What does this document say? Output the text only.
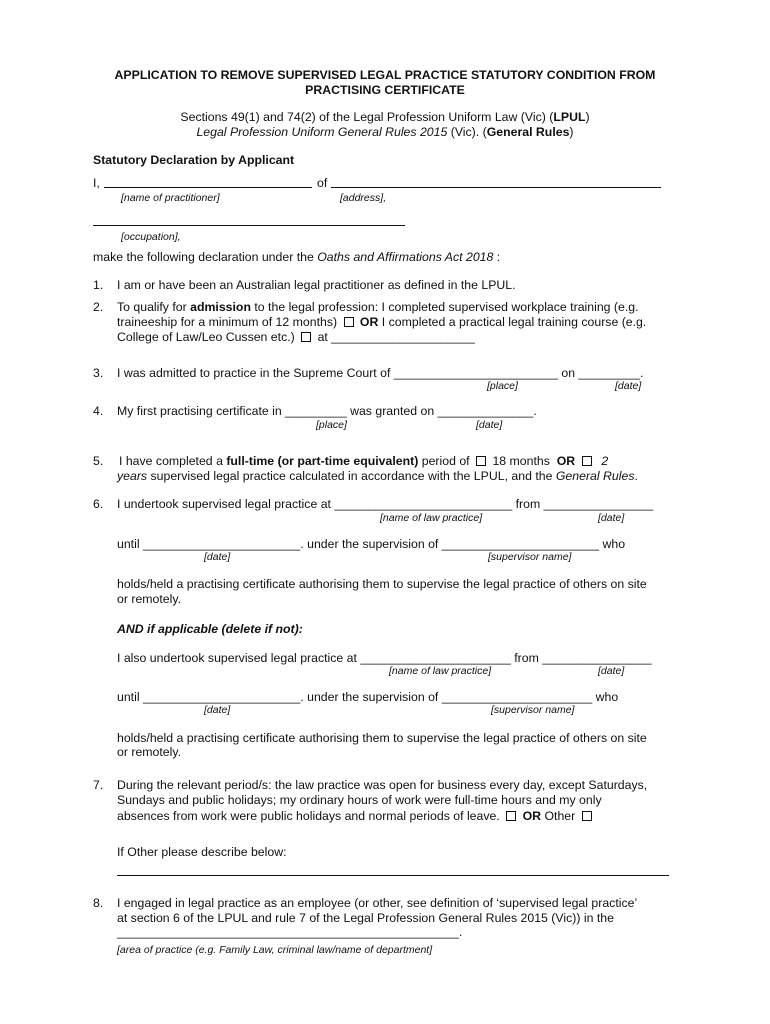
APPLICATION TO REMOVE SUPERVISED LEGAL PRACTICE STATUTORY CONDITION FROM
PRACTISING CERTIFICATE
Sections 49(1) and 74(2) of the Legal Profession Uniform Law (Vic) (LPUL)
Legal Profession Uniform General Rules 2015 (Vic). (General Rules)
Statutory Declaration by Applicant
I,	of
[name of practitioner]	[address],
[occupation],
make the following declaration under the Oaths and Affirmations Act 2018 :
1. I am or have been an Australian legal practitioner as defined in the LPUL.
2. To qualify for admission to the legal profession: I completed supervised workplace training (e.g.
traineeship for a minimum of 12 months) OR I completed a practical legal training course (e.g.
College of Law/Leo Cussen etc.) at _____________________
3. I was admitted to practice in the Supreme Court of ________________________ on _________.
[place]	[date]
4. My first practising certificate in _________ was granted on ______________.
[place]	[date]
5. I have completed a full-time (or part-time equivalent) period of 18 months OR 2
years supervised legal practice calculated in accordance with the LPUL, and the General Rules.
6. I undertook supervised legal practice at __________________________ from ________________
[name of law practice]	[date]
until _______________________. under the supervision of _______________________ who
[date]	[supervisor name]
holds/held a practising certificate authorising them to supervise the legal practice of others on site
or remotely.
AND if applicable (delete if not):
I also undertook supervised legal practice at ______________________ from ________________
[name of law practice]	[date]
until _______________________. under the supervision of ______________________ who
[date]	[supervisor name]
holds/held a practising certificate authorising them to supervise the legal practice of others on site
or remotely.
7. During the relevant period/s: the law practice was open for business every day, except Saturdays,
Sundays and public holidays; my ordinary hours of work were full-time hours and my only
absences from work were public holidays and normal periods of leave. OR Other
If Other please describe below:
8. I engaged in legal practice as an employee (or other, see definition of ‘supervised legal practice’
at section 6 of the LPUL and rule 7 of the Legal Profession General Rules 2015 (Vic)) in the
__________________________________________________.
[area of practice (e.g. Family Law, criminal law/name of department]
